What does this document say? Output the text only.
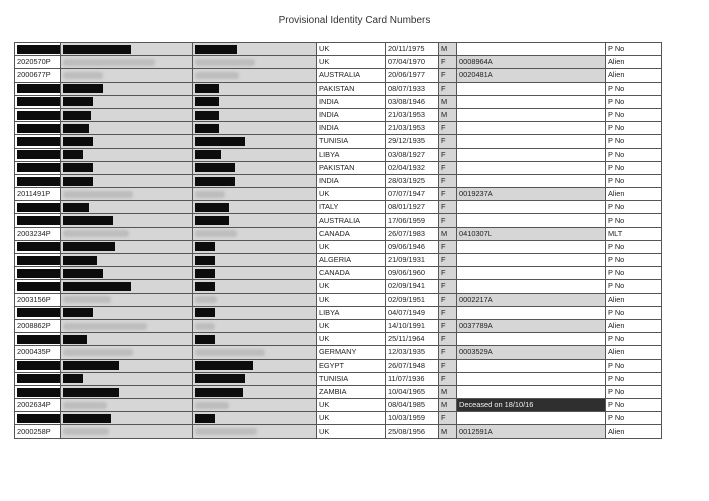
Provisional Identity Card Numbers
			UK	20/11/1975	M		P No
2020570P			UK	07/04/1970	F	0008964A	Alien
2000677P			AUSTRALIA	20/06/1977	F	0020481A	Alien
			PAKISTAN	08/07/1933	F		P No
			INDIA	03/08/1946	M		P No
			INDIA	21/03/1953	M		P No
			INDIA	21/03/1953	F		P No
			TUNISIA	29/12/1935	F		P No
			LIBYA	03/08/1927	F		P No
			PAKISTAN	02/04/1932	F		P No
			INDIA	28/03/1925	F		P No
2011491P			UK	07/07/1947	F	0019237A	Alien
			ITALY	08/01/1927	F		P No
			AUSTRALIA	17/06/1959	F		P No
2003234P			CANADA	26/07/1983	M	0410307L	MLT
			UK	09/06/1946	F		P No
			ALGERIA	21/09/1931	F		P No
			CANADA	09/06/1960	F		P No
			UK	02/09/1941	F		P No
2003156P			UK	02/09/1951	F	0002217A	Alien
			LIBYA	04/07/1949	F		P No
2008862P			UK	14/10/1991	F	0037789A	Alien
			UK	25/11/1964	F		P No
2000435P			GERMANY	12/03/1935	F	0003529A	Alien
			EGYPT	26/07/1948	F		P No
			TUNISIA	11/07/1936	F		P No
			ZAMBIA	10/04/1965	M		P No
2002634P			UK	08/04/1985	M	Deceased on 18/10/16	P No
			UK	10/03/1959	F		P No
2000258P			UK	25/08/1956	M	0012591A	Alien
